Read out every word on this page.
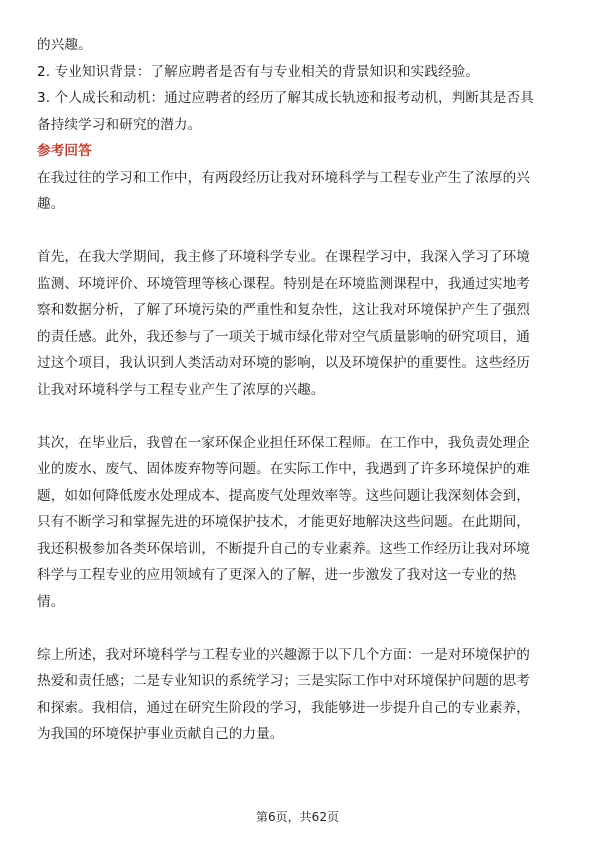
的兴趣。
2. 专业知识背景：了解应聘者是否有与专业相关的背景知识和实践经验。
3. 个人成长和动机：通过应聘者的经历了解其成长轨迹和报考动机，判断其是否具
备持续学习和研究的潜力。
参考回答
在我过往的学习和工作中，有两段经历让我对环境科学与工程专业产生了浓厚的兴
趣。
首先，在我大学期间，我主修了环境科学专业。在课程学习中，我深入学习了环境
监测、环境评价、环境管理等核心课程。特别是在环境监测课程中，我通过实地考
察和数据分析，了解了环境污染的严重性和复杂性，这让我对环境保护产生了强烈
的责任感。此外，我还参与了一项关于城市绿化带对空气质量影响的研究项目，通
过这个项目，我认识到人类活动对环境的影响，以及环境保护的重要性。这些经历
让我对环境科学与工程专业产生了浓厚的兴趣。
其次，在毕业后，我曾在一家环保企业担任环保工程师。在工作中，我负责处理企
业的废水、废气、固体废弃物等问题。在实际工作中，我遇到了许多环境保护的难
题，如如何降低废水处理成本、提高废气处理效率等。这些问题让我深刻体会到，
只有不断学习和掌握先进的环境保护技术，才能更好地解决这些问题。在此期间，
我还积极参加各类环保培训，不断提升自己的专业素养。这些工作经历让我对环境
科学与工程专业的应用领域有了更深入的了解，进一步激发了我对这一专业的热
情。
综上所述，我对环境科学与工程专业的兴趣源于以下几个方面：一是对环境保护的
热爱和责任感；二是专业知识的系统学习；三是实际工作中对环境保护问题的思考
和探索。我相信，通过在研究生阶段的学习，我能够进一步提升自己的专业素养，
为我国的环境保护事业贡献自己的力量。
第6页，共62页
